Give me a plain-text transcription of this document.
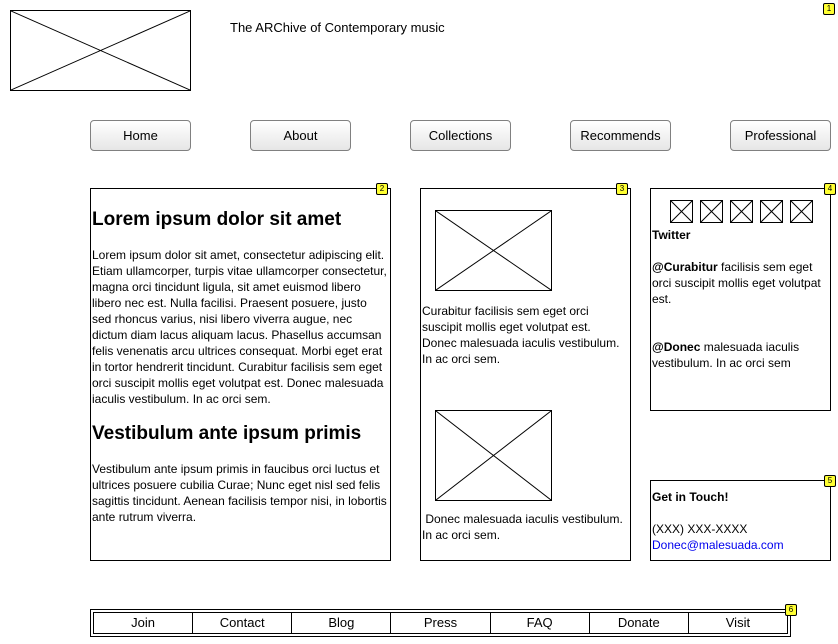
The ARChive of Contemporary music
1
Home	About	Collections	Recommends	Professional
2

Lorem ipsum dolor sit amet

Lorem ipsum dolor sit amet, consectetur adipiscing elit. Etiam ullamcorper, turpis vitae ullamcorper consectetur, magna orci tincidunt ligula, sit amet euismod libero libero nec est. Nulla facilisi. Praesent posuere, justo sed rhoncus varius, nisi libero viverra augue, nec dictum diam lacus aliquam lacus. Phasellus accumsan felis venenatis arcu ultrices consequat. Morbi eget erat in tortor hendrerit tincidunt. Curabitur facilisis sem eget orci suscipit mollis eget volutpat est. Donec malesuada iaculis vestibulum. In ac orci sem.

Vestibulum ante ipsum primis

Vestibulum ante ipsum primis in faucibus orci luctus et ultrices posuere cubilia Curae; Nunc eget nisl sed felis sagittis tincidunt. Aenean facilisis tempor nisi, in lobortis ante rutrum viverra.

3

Curabitur facilisis sem eget orci suscipit mollis eget volutpat est. Donec malesuada iaculis vestibulum. In ac orci sem.

Donec malesuada iaculis vestibulum. In ac orci sem.

4
Twitter

@Curabitur facilisis sem eget orci suscipit mollis eget volutpat est.

@Donec malesuada iaculis vestibulum. In ac orci sem

5
Get in Touch!
(XXX) XXX-XXXX
Donec@malesuada.com
Join	Contact	Blog	Press	FAQ	Donate	Visit
6
